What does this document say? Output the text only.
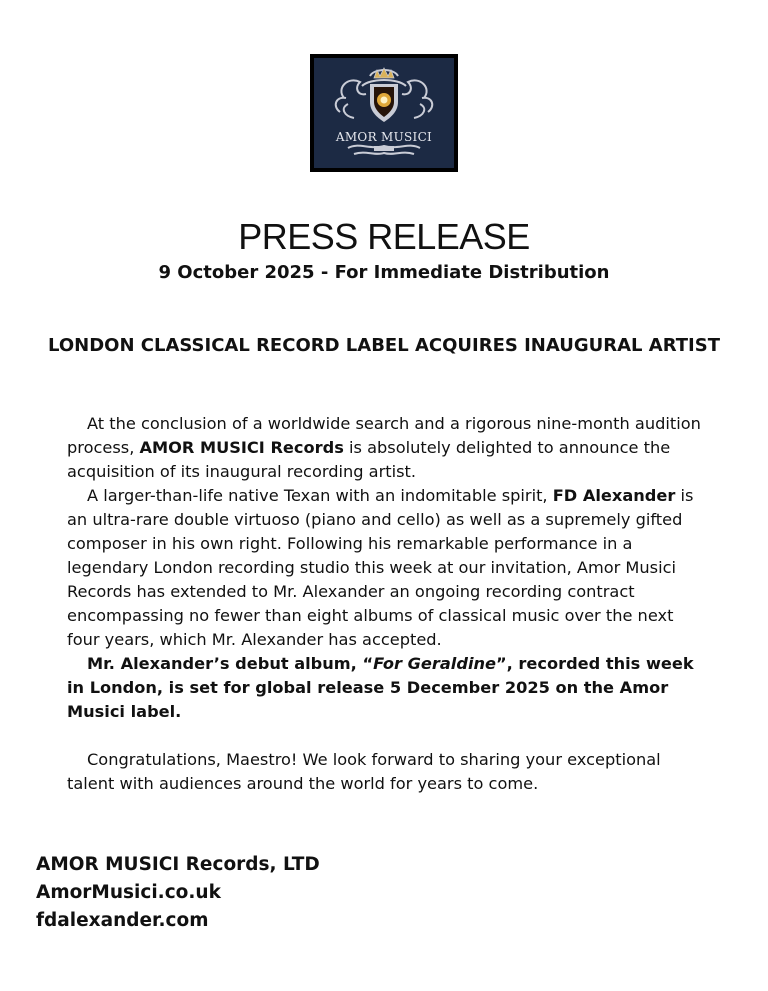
AMOR MUSICI
PRESS RELEASE
9 October 2025 - For Immediate Distribution
LONDON CLASSICAL RECORD LABEL ACQUIRES INAUGURAL ARTIST

At the conclusion of a worldwide search and a rigorous nine-month audition process, AMOR MUSICI Records is absolutely delighted to announce the acquisition of its inaugural recording artist.

A larger-than-life native Texan with an indomitable spirit, FD Alexander is an ultra-rare double virtuoso (piano and cello) as well as a supremely gifted composer in his own right. Following his remarkable performance in a legendary London recording studio this week at our invitation, Amor Musici Records has extended to Mr. Alexander an ongoing recording contract encompassing no fewer than eight albums of classical music over the next four years, which Mr. Alexander has accepted.

Mr. Alexander’s debut album, “For Geraldine”, recorded this week in London, is set for global release 5 December 2025 on the Amor Musici label.

Congratulations, Maestro! We look forward to sharing your exceptional talent with audiences around the world for years to come.

AMOR MUSICI Records, LTD
AmorMusici.co.uk
fdalexander.com
